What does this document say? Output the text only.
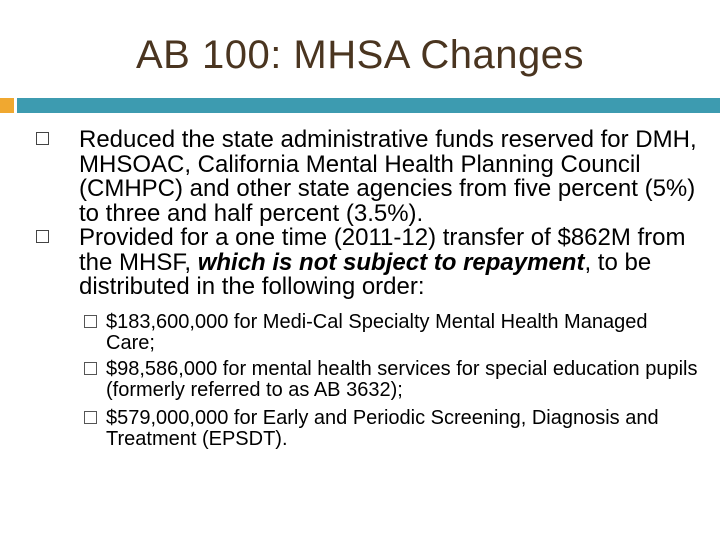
AB 100: MHSA Changes
Reduced the state administrative funds reserved for DMH, MHSOAC, California Mental Health Planning Council (CMHPC) and other state agencies from five percent (5%) to three and half percent (3.5%).
Provided for a one time (2011-12) transfer of $862M from the MHSF, which is not subject to repayment, to be distributed in the following order:
$183,600,000 for Medi-Cal Specialty Mental Health Managed Care;
$98,586,000 for mental health services for special education pupils (formerly referred to as AB 3632);
$579,000,000 for Early and Periodic Screening, Diagnosis and Treatment (EPSDT).
